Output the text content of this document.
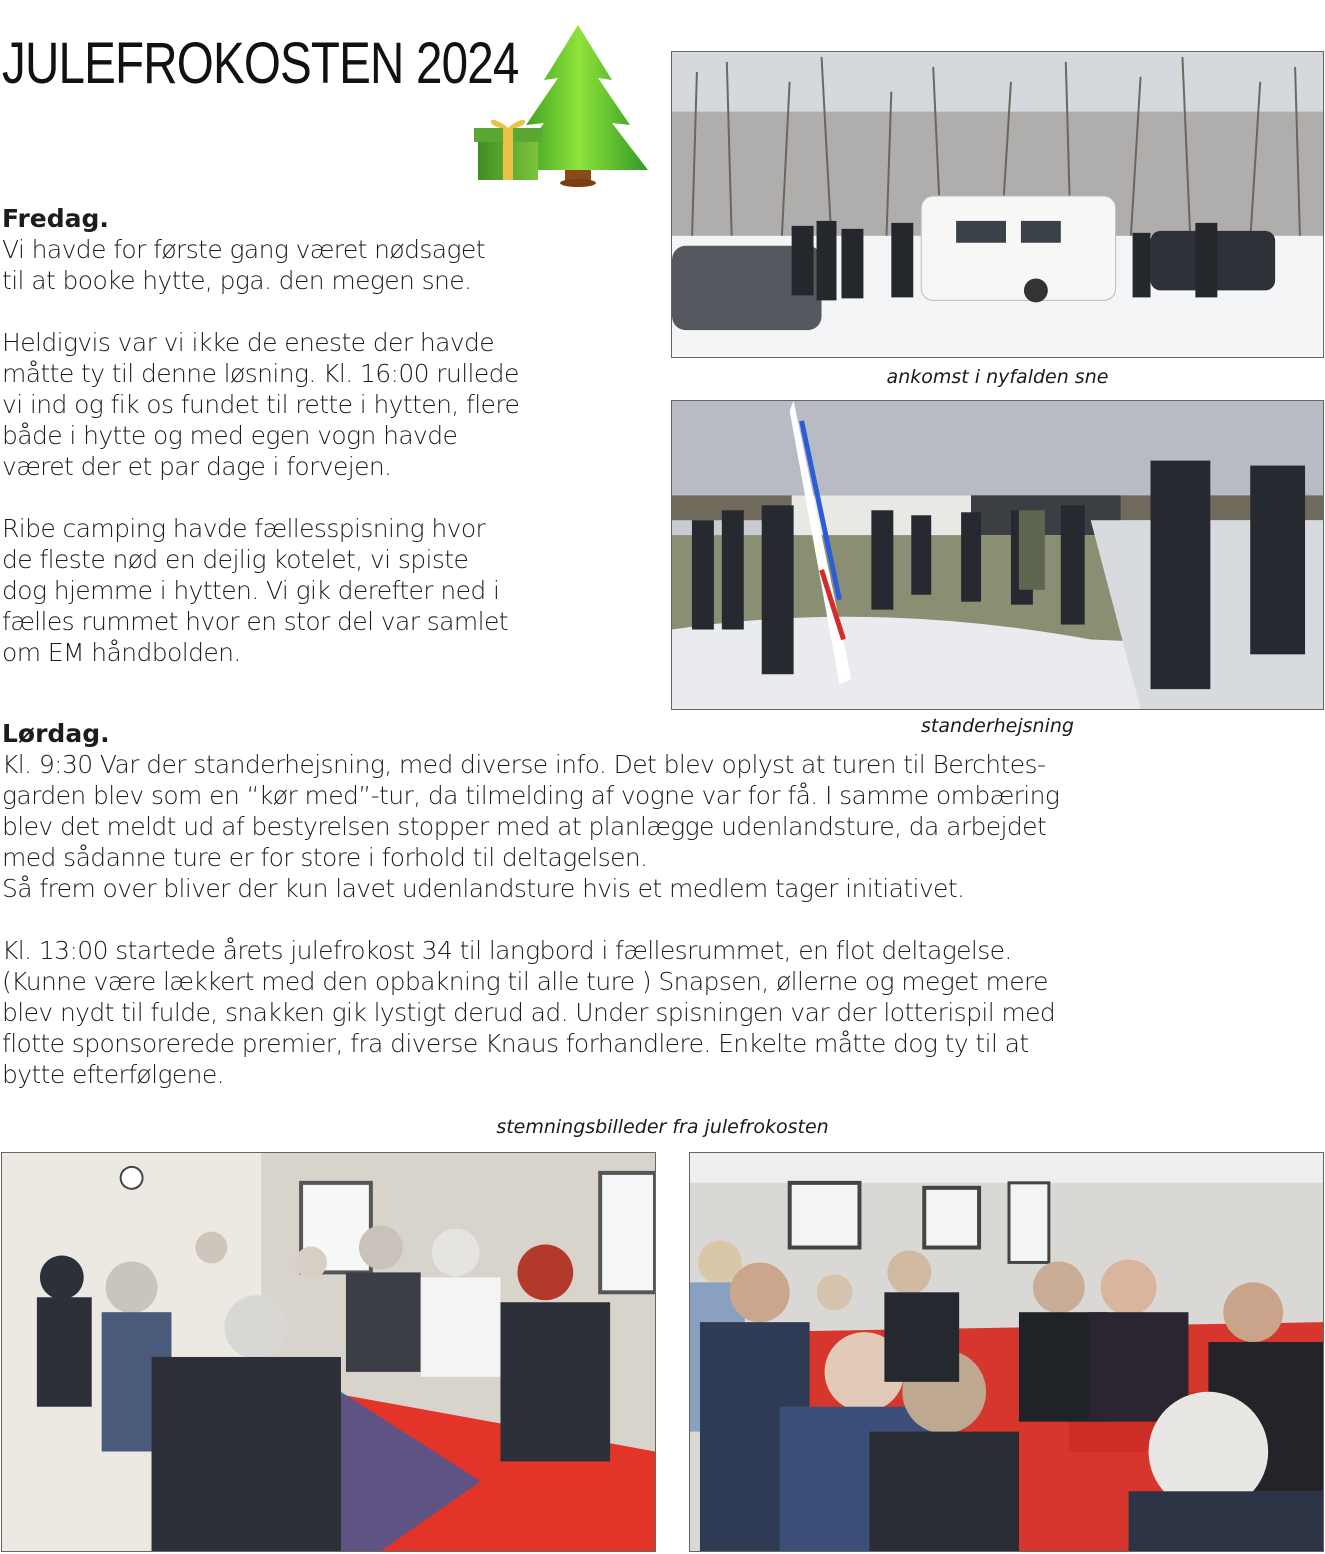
JULEFROKOSTEN 2024
Fredag.

Vi havde for første gang været nødsaget
til at booke hytte, pga. den megen sne.

Heldigvis var vi ikke de eneste der havde
måtte ty til denne løsning. Kl. 16:00 rullede
vi ind og fik os fundet til rette i hytten, flere
både i hytte og med egen vogn havde
været der et par dage i forvejen.

Ribe camping havde fællesspisning hvor
de fleste nød en dejlig kotelet, vi spiste
dog hjemme i hytten. Vi gik derefter ned i
fælles rummet hvor en stor del var samlet
om EM håndbolden.

Lørdag.

Kl. 9:30 Var der standerhejsning, med diverse info. Det blev oplyst at turen til Berchtes-
garden blev som en “kør med”-tur, da tilmelding af vogne var for få. I samme ombæring
blev det meldt ud af bestyrelsen stopper med at planlægge udenlandsture, da arbejdet
med sådanne ture er for store i forhold til deltagelsen.
Så frem over bliver der kun lavet udenlandsture hvis et medlem tager initiativet.

Kl. 13:00 startede årets julefrokost 34 til langbord i fællesrummet, en flot deltagelse.
(Kunne være lækkert med den opbakning til alle ture ) Snapsen, øllerne og meget mere
blev nydt til fulde, snakken gik lystigt derud ad. Under spisningen var der lotterispil med
flotte sponsorerede premier, fra diverse Knaus forhandlere. Enkelte måtte dog ty til at
bytte efterfølgene.

ankomst i nyfalden sne
standerhejsning
stemningsbilleder fra julefrokosten
